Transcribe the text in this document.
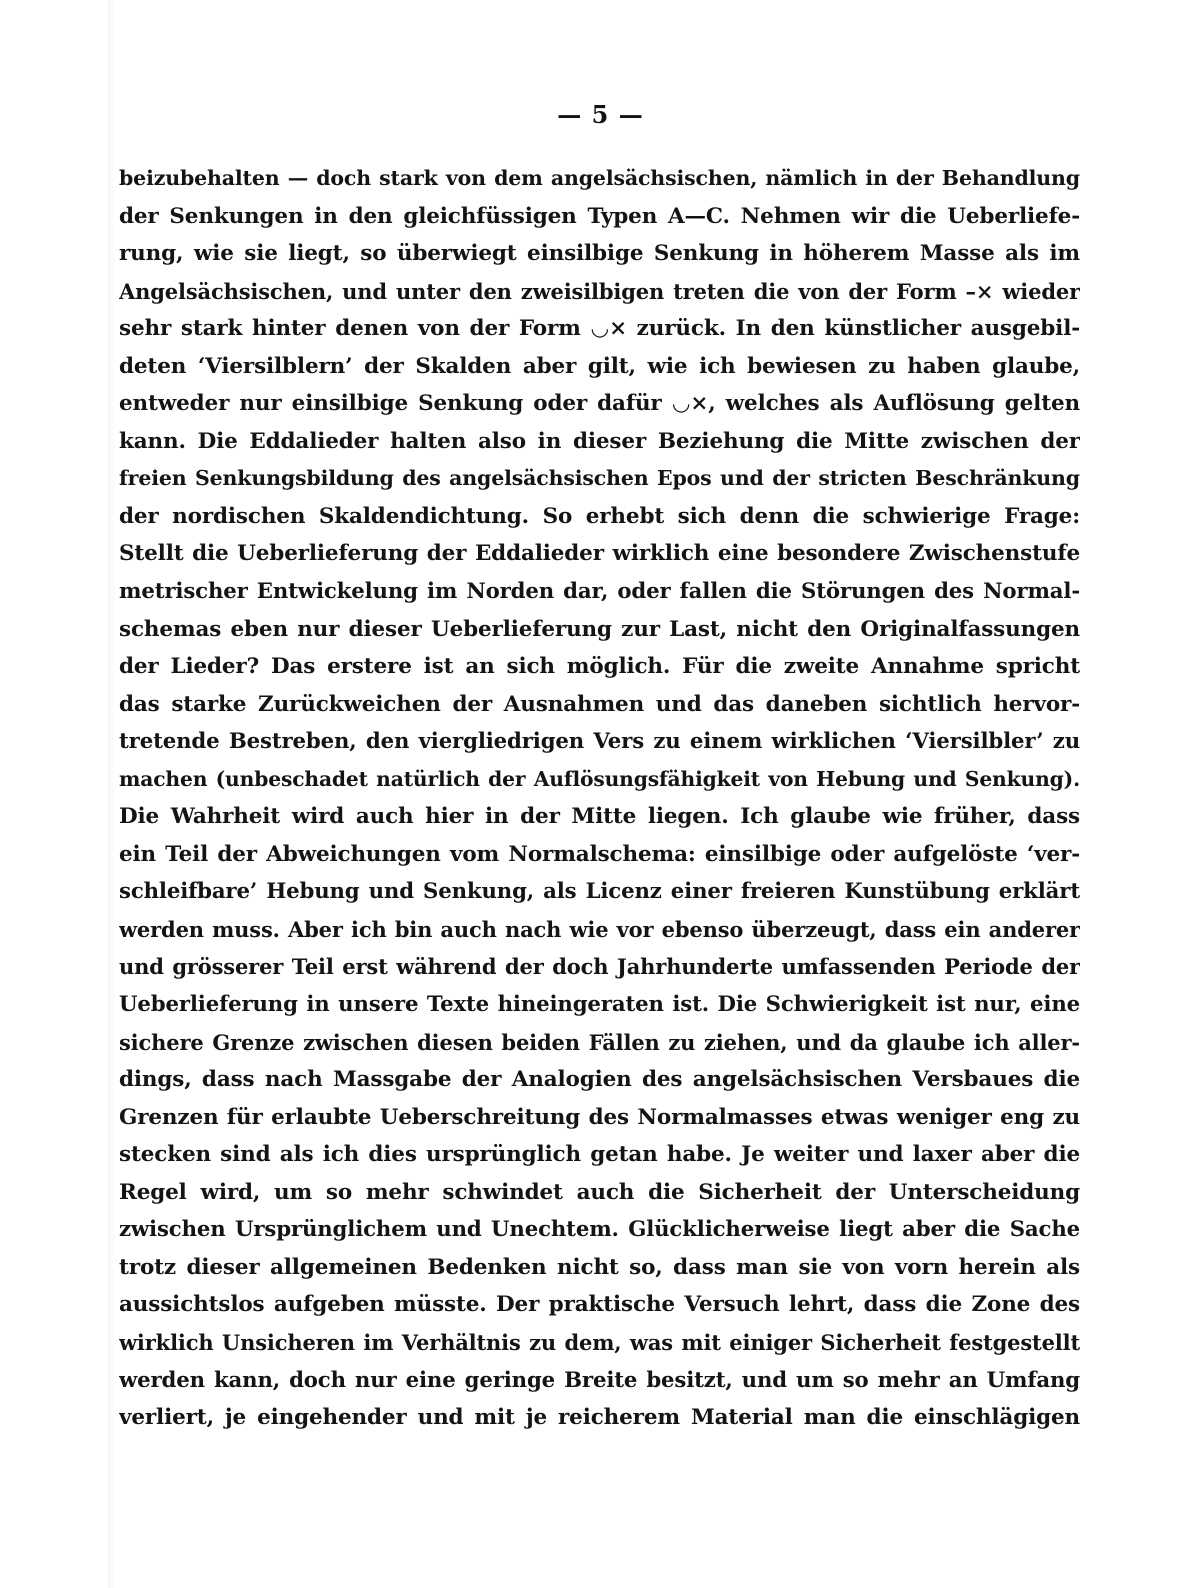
— 5 —
beizubehalten — doch stark von dem angelsächsischen, nämlich in der Behandlung
der Senkungen in den gleichfüssigen Typen A—C. Nehmen wir die Ueberliefe-
rung, wie sie liegt, so überwiegt einsilbige Senkung in höherem Masse als im
Angelsächsischen, und unter den zweisilbigen treten die von der Form –× wieder
sehr stark hinter denen von der Form ◡× zurück. In den künstlicher ausgebil-
deten ‘Viersilblern’ der Skalden aber gilt, wie ich bewiesen zu haben glaube,
entweder nur einsilbige Senkung oder dafür ◡×, welches als Auflösung gelten
kann. Die Eddalieder halten also in dieser Beziehung die Mitte zwischen der
freien Senkungsbildung des angelsächsischen Epos und der stricten Beschränkung
der nordischen Skaldendichtung. So erhebt sich denn die schwierige Frage:
Stellt die Ueberlieferung der Eddalieder wirklich eine besondere Zwischenstufe
metrischer Entwickelung im Norden dar, oder fallen die Störungen des Normal-
schemas eben nur dieser Ueberlieferung zur Last, nicht den Originalfassungen
der Lieder? Das erstere ist an sich möglich. Für die zweite Annahme spricht
das starke Zurückweichen der Ausnahmen und das daneben sichtlich hervor-
tretende Bestreben, den viergliedrigen Vers zu einem wirklichen ‘Viersilbler’ zu
machen (unbeschadet natürlich der Auflösungsfähigkeit von Hebung und Senkung).
Die Wahrheit wird auch hier in der Mitte liegen. Ich glaube wie früher, dass
ein Teil der Abweichungen vom Normalschema: einsilbige oder aufgelöste ‘ver-
schleifbare’ Hebung und Senkung, als Licenz einer freieren Kunstübung erklärt
werden muss. Aber ich bin auch nach wie vor ebenso überzeugt, dass ein anderer
und grösserer Teil erst während der doch Jahrhunderte umfassenden Periode der
Ueberlieferung in unsere Texte hineingeraten ist. Die Schwierigkeit ist nur, eine
sichere Grenze zwischen diesen beiden Fällen zu ziehen, und da glaube ich aller-
dings, dass nach Massgabe der Analogien des angelsächsischen Versbaues die
Grenzen für erlaubte Ueberschreitung des Normalmasses etwas weniger eng zu
stecken sind als ich dies ursprünglich getan habe. Je weiter und laxer aber die
Regel wird, um so mehr schwindet auch die Sicherheit der Unterscheidung
zwischen Ursprünglichem und Unechtem. Glücklicherweise liegt aber die Sache
trotz dieser allgemeinen Bedenken nicht so, dass man sie von vorn herein als
aussichtslos aufgeben müsste. Der praktische Versuch lehrt, dass die Zone des
wirklich Unsicheren im Verhältnis zu dem, was mit einiger Sicherheit festgestellt
werden kann, doch nur eine geringe Breite besitzt, und um so mehr an Umfang
verliert, je eingehender und mit je reicherem Material man die einschlägigen
